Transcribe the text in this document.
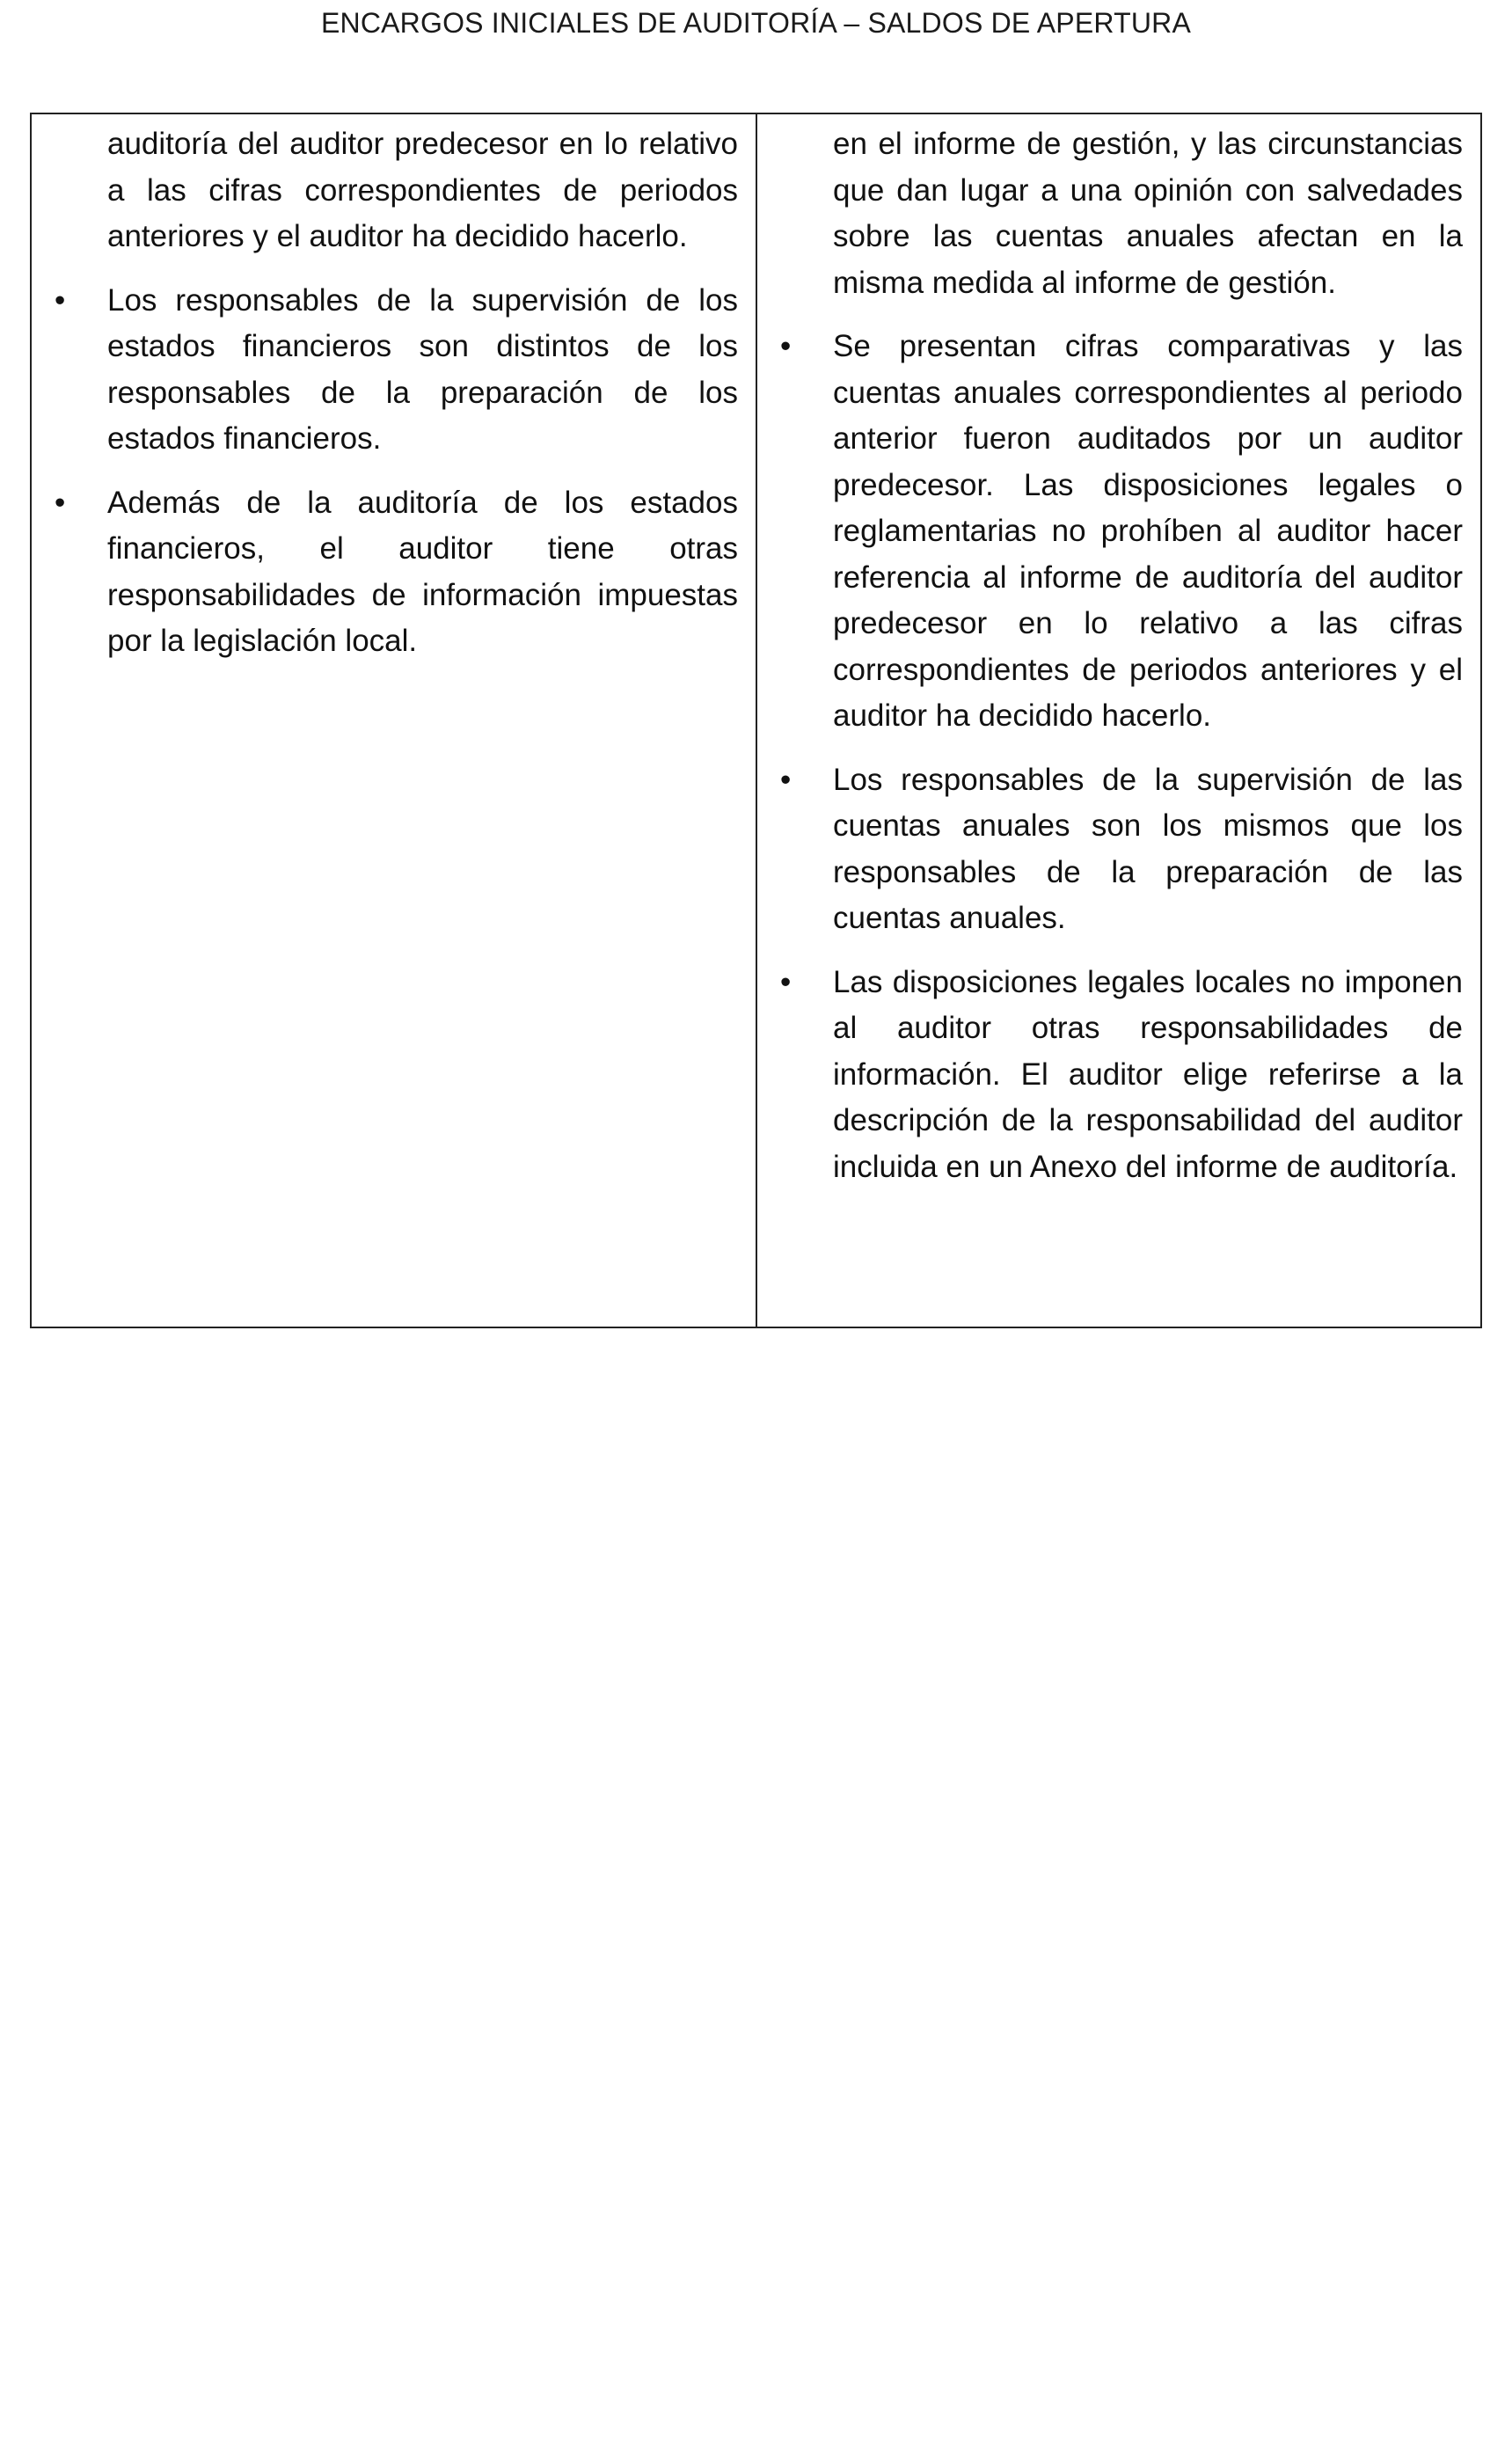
ENCARGOS INICIALES DE AUDITORÍA – SALDOS DE APERTURA

auditoría del auditor predecesor en lo relativo a las cifras correspondientes de periodos anteriores y el auditor ha decidido hacerlo.

• Los responsables de la supervisión de los estados financieros son distintos de los responsables de la preparación de los estados financieros.

• Además de la auditoría de los estados financieros, el auditor tiene otras responsabilidades de información impuestas por la legislación local.

en el informe de gestión, y las circunstancias que dan lugar a una opinión con salvedades sobre las cuentas anuales afectan en la misma medida al informe de gestión.

• Se presentan cifras comparativas y las cuentas anuales correspondientes al periodo anterior fueron auditados por un auditor predecesor. Las disposiciones legales o reglamentarias no prohíben al auditor hacer referencia al informe de auditoría del auditor predecesor en lo relativo a las cifras correspondientes de periodos anteriores y el auditor ha decidido hacerlo.

• Los responsables de la supervisión de las cuentas anuales son los mismos que los responsables de la preparación de las cuentas anuales.

• Las disposiciones legales locales no imponen al auditor otras responsabilidades de información. El auditor elige referirse a la descripción de la responsabilidad del auditor incluida en un Anexo del informe de auditoría.
